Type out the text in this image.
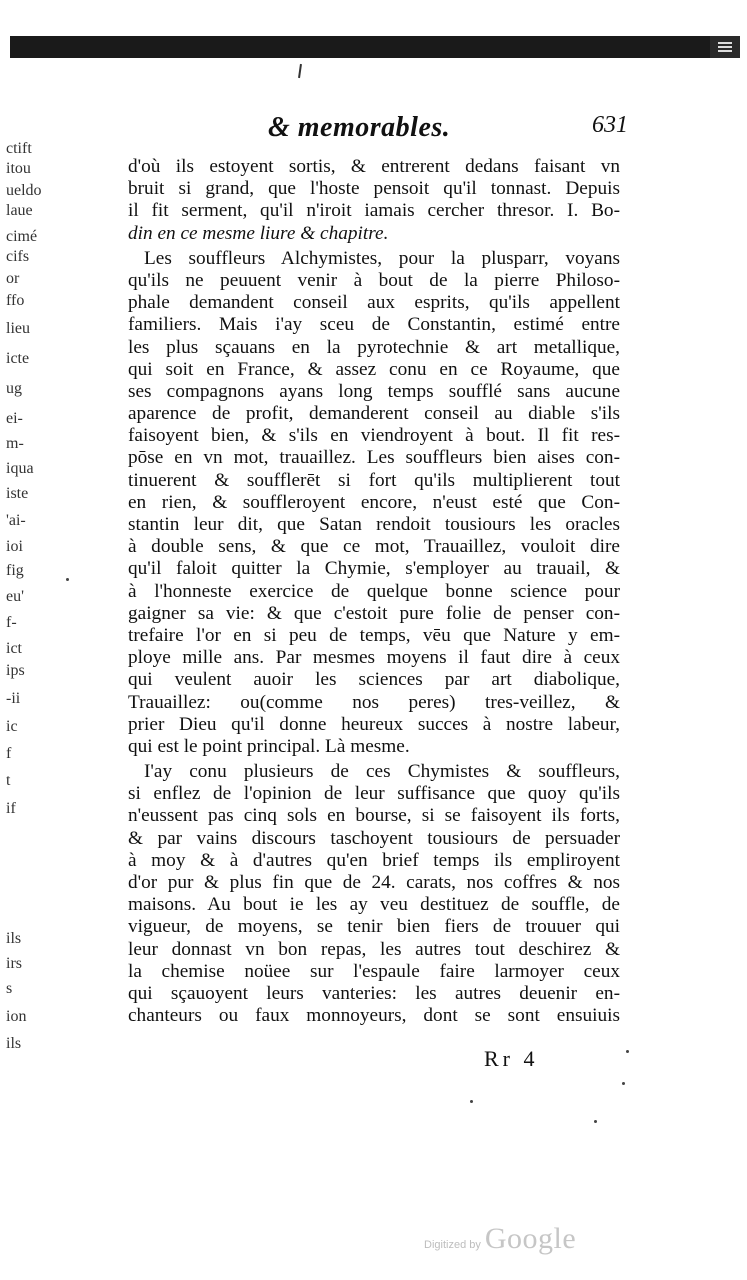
ctift
itou
ueldo
laue
cimé
cifs
or
ffo
lieu
icte
ug
ei-
m-
iqua
iste
'ai-
ioi
fig
eu'
f-
ict
ips
-ii
ic
f
t
if
ils
irs
s
ion
ils
& memorables.	631
d'où ils estoyent sortis, & entrerent dedans faisant vn
bruit si grand, que l'hoste pensoit qu'il tonnast. Depuis
il fit serment, qu'il n'iroit iamais cercher thresor. I. Bo-
din en ce mesme liure & chapitre.
Les souffleurs Alchymistes, pour la plusparr, voyans
qu'ils ne peuuent venir à bout de la pierre Philoso-
phale demandent conseil aux esprits, qu'ils appellent
familiers. Mais i'ay sceu de Constantin, estimé entre
les plus sçauans en la pyrotechnie & art metallique,
qui soit en France, & assez conu en ce Royaume, que
ses compagnons ayans long temps soufflé sans aucune
aparence de profit, demanderent conseil au diable s'ils
faisoyent bien, & s'ils en viendroyent à bout. Il fit res-
pōse en vn mot, trauaillez. Les souffleurs bien aises con-
tinuerent & soufflerēt si fort qu'ils multiplierent tout
en rien, & souffleroyent encore, n'eust esté que Con-
stantin leur dit, que Satan rendoit tousiours les oracles
à double sens, & que ce mot, Trauaillez, vouloit dire
qu'il faloit quitter la Chymie, s'employer au trauail, &
à l'honneste exercice de quelque bonne science pour
gaigner sa vie: & que c'estoit pure folie de penser con-
trefaire l'or en si peu de temps, vēu que Nature y em-
ploye mille ans. Par mesmes moyens il faut dire à ceux
qui veulent auoir les sciences par art diabolique,
Trauaillez: ou(comme nos peres) tres-veillez, &
prier Dieu qu'il donne heureux succes à nostre labeur,
qui est le point principal. Là mesme.
I'ay conu plusieurs de ces Chymistes & souffleurs,
si enflez de l'opinion de leur suffisance que quoy qu'ils
n'eussent pas cinq sols en bourse, si se faisoyent ils forts,
& par vains discours taschoyent tousiours de persuader
à moy & à d'autres qu'en brief temps ils empliroyent
d'or pur & plus fin que de 24. carats, nos coffres & nos
maisons. Au bout ie les ay veu destituez de souffle, de
vigueur, de moyens, se tenir bien fiers de trouuer qui
leur donnast vn bon repas, les autres tout deschirez &
la chemise noüee sur l'espaule faire larmoyer ceux
qui sçauoyent leurs vanteries: les autres deuenir en-
chanteurs ou faux monnoyeurs, dont se sont ensuiuis
Rr 4
Digitized by Google
